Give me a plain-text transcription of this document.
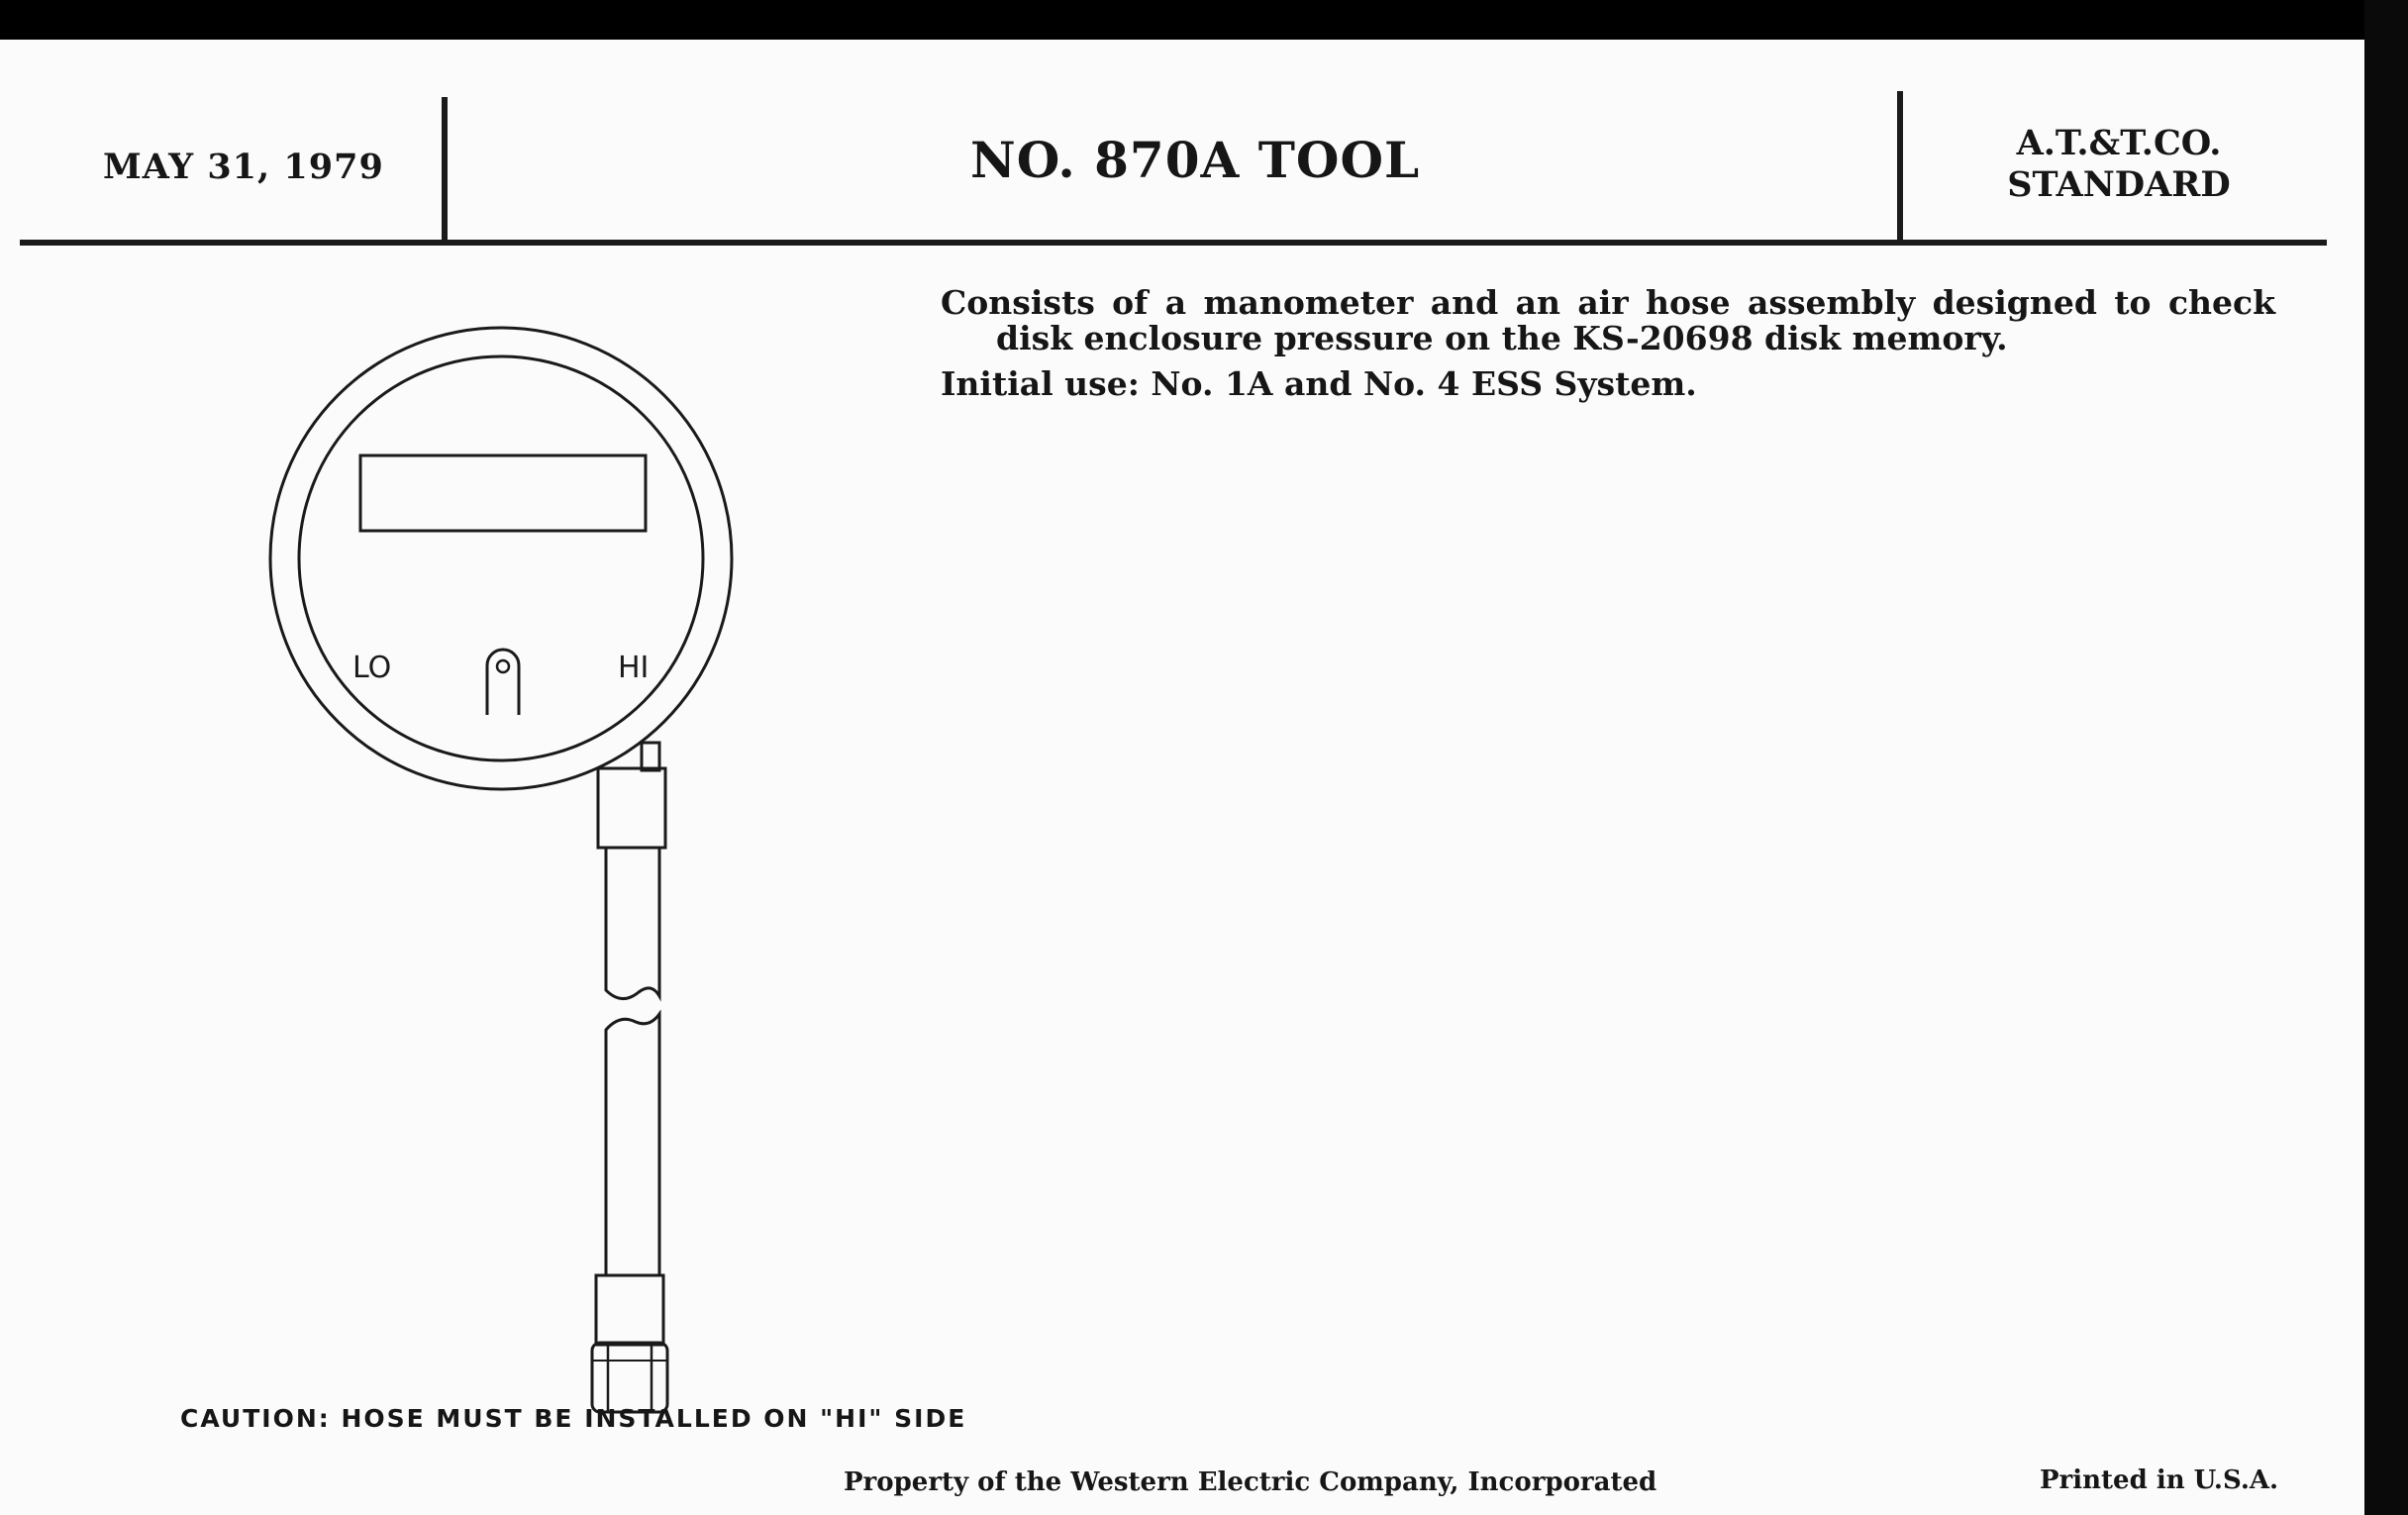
MAY 31, 1979	NO. 870A TOOL	A.T.&T.CO.
STANDARD

Consists of a manometer and an air hose assembly designed to check disk enclosure pressure on the KS-20698 disk memory.

Initial use: No. 1A and No. 4 ESS System.

LO	HI
CAUTION: HOSE MUST BE INSTALLED ON "HI" SIDE
Property of the Western Electric Company, Incorporated	Printed in U.S.A.
